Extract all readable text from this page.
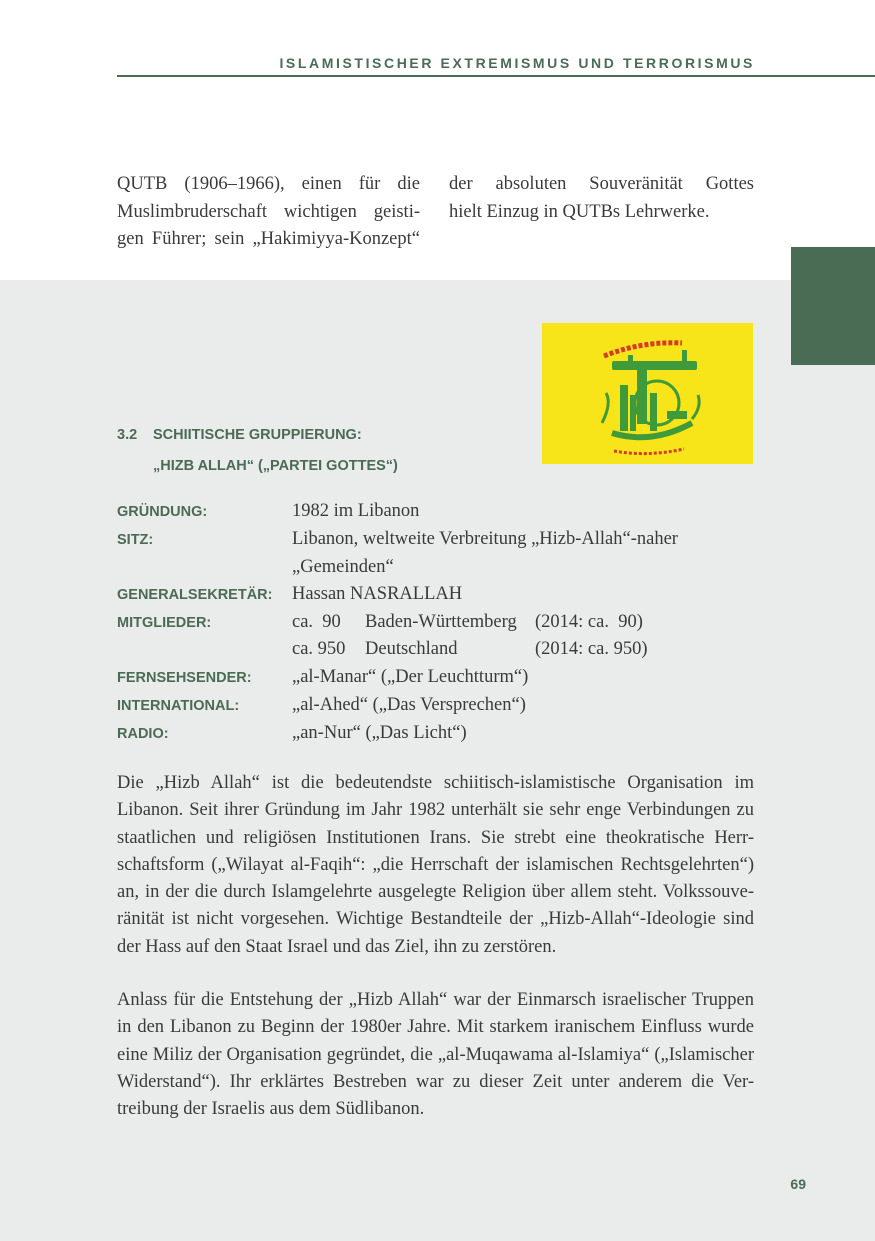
ISLAMISTISCHER EXTREMISMUS UND TERRORISMUS
QUTB (1906–1966), einen für die
Muslimbruderschaft wichtigen geisti-
gen Führer; sein „Hakimiyya-Konzept“
der absoluten Souveränität Gottes
hielt Einzug in QUTBs Lehrwerke.
3.2 SCHIITISCHE GRUPPIERUNG:
„HIZB ALLAH“ („PARTEI GOTTES“)
GRÜNDUNG:	1982 im Libanon
SITZ:	Libanon, weltweite Verbreitung „Hizb-Allah“-naher
„Gemeinden“
GENERALSEKRETÄR:	Hassan NASRALLAH
MITGLIEDER:	ca.  90	Baden-Württemberg (2014: ca.  90)
ca. 950	Deutschland	(2014: ca. 950)
FERNSEHSENDER:	„al-Manar“ („Der Leuchtturm“)
INTERNATIONAL:	„al-Ahed“ („Das Versprechen“)
RADIO:	„an-Nur“ („Das Licht“)
Die „Hizb Allah“ ist die bedeutendste schiitisch-islamistische Organisation im
Libanon. Seit ihrer Gründung im Jahr 1982 unterhält sie sehr enge Verbindungen zu
staatlichen und religiösen Institutionen Irans. Sie strebt eine theokratische Herr-
schaftsform („Wilayat al-Faqih“: „die Herrschaft der islamischen Rechtsgelehrten“)
an, in der die durch Islamgelehrte ausgelegte Religion über allem steht. Volkssouve-
ränität ist nicht vorgesehen. Wichtige Bestandteile der „Hizb-Allah“-Ideologie sind
der Hass auf den Staat Israel und das Ziel, ihn zu zerstören.
Anlass für die Entstehung der „Hizb Allah“ war der Einmarsch israelischer Truppen
in den Libanon zu Beginn der 1980er Jahre. Mit starkem iranischem Einfluss wurde
eine Miliz der Organisation gegründet, die „al-Muqawama al-Islamiya“ („Islamischer
Widerstand“). Ihr erklärtes Bestreben war zu dieser Zeit unter anderem die Ver-
treibung der Israelis aus dem Südlibanon.
69
